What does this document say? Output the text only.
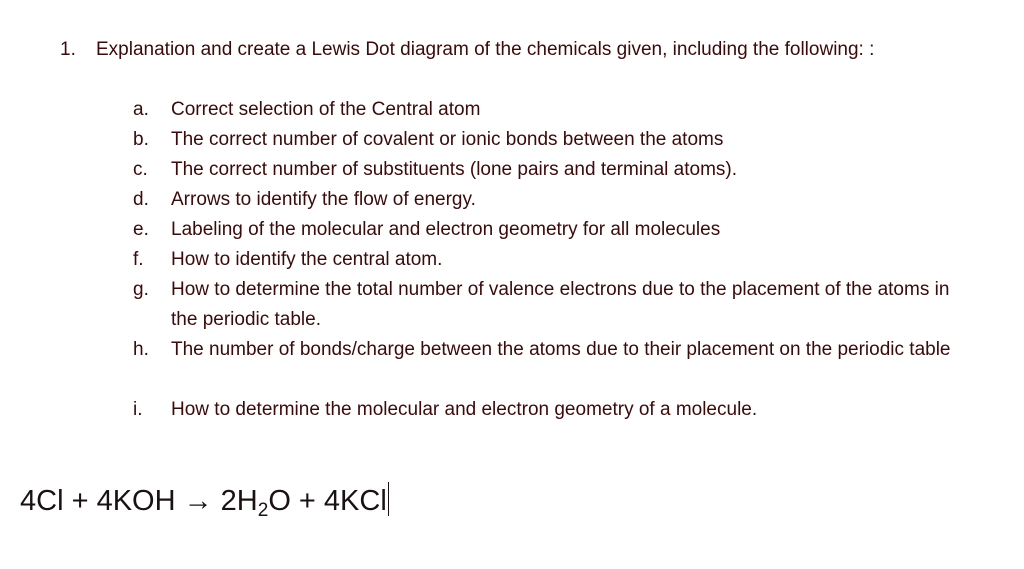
1. Explanation and create a Lewis Dot diagram of the chemicals given, including the following: :
a. Correct selection of the Central atom
b. The correct number of covalent or ionic bonds between the atoms
c. The correct number of substituents (lone pairs and terminal atoms).
d. Arrows to identify the flow of energy.
e. Labeling of the molecular and electron geometry for all molecules
f. How to identify the central atom.
g. How to determine the total number of valence electrons due to the placement of the atoms in the periodic table.
h. The number of bonds/charge between the atoms due to their placement on the periodic table
i. How to determine the molecular and electron geometry of a molecule.
$4Cl + 4KOH \to 2H_2O + 4KCl$
